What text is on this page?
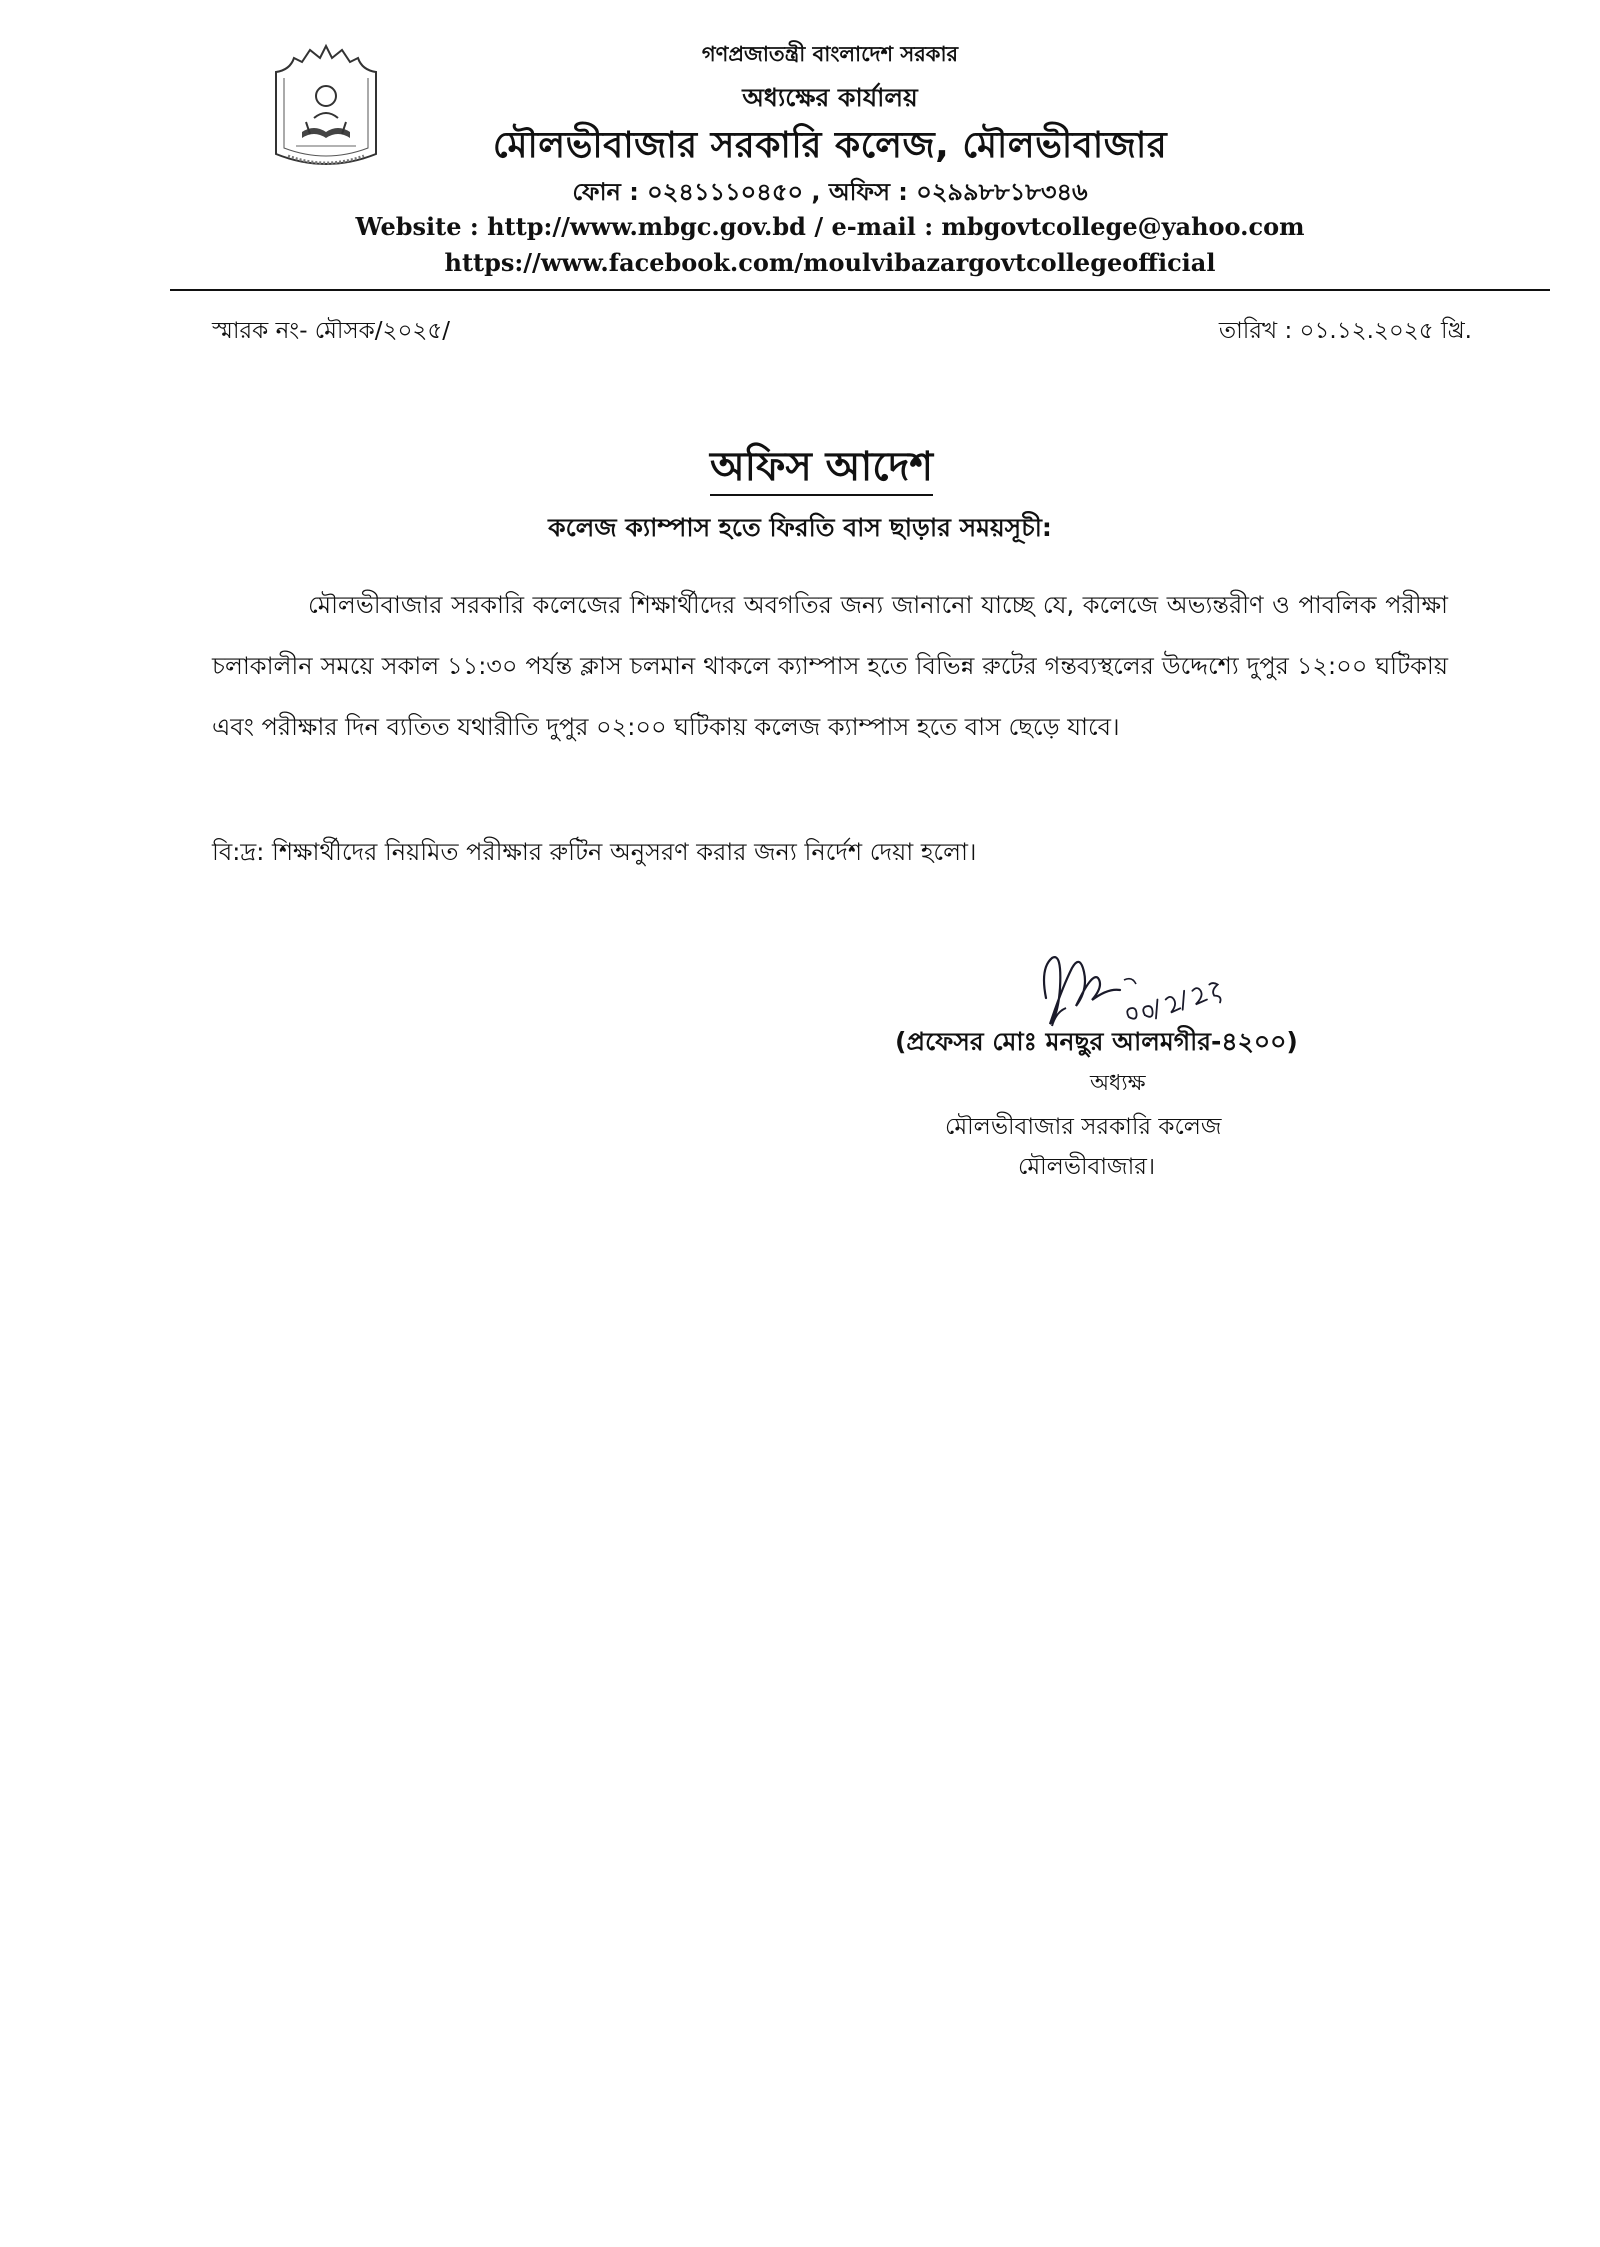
গণপ্রজাতন্ত্রী বাংলাদেশ সরকার
অধ্যক্ষের কার্যালয়
মৌলভীবাজার সরকারি কলেজ, মৌলভীবাজার
ফোন : ০২৪১১১০৪৫০ , অফিস : ০২৯৯৮৮১৮৩৪৬
Website : http://www.mbgc.gov.bd / e-mail : mbgovtcollege@yahoo.com
https://www.facebook.com/moulvibazargovtcollegeofficial
স্মারক নং- মৌসক/২০২৫/	তারিখ : ০১.১২.২০২৫ খ্রি.
অফিস আদেশ
কলেজ ক্যাম্পাস হতে ফিরতি বাস ছাড়ার সময়সূচী:
মৌলভীবাজার সরকারি কলেজের শিক্ষার্থীদের অবগতির জন্য জানানো যাচ্ছে যে, কলেজে অভ্যন্তরীণ ও পাবলিক পরীক্ষা চলাকালীন সময়ে সকাল ১১:৩০ পর্যন্ত ক্লাস চলমান থাকলে ক্যাম্পাস হতে বিভিন্ন রুটের গন্তব্যস্থলের উদ্দেশ্যে দুপুর ১২:০০ ঘটিকায় এবং পরীক্ষার দিন ব্যতিত যথারীতি দুপুর ০২:০০ ঘটিকায় কলেজ ক্যাম্পাস হতে বাস ছেড়ে যাবে।
বি:দ্র: শিক্ষার্থীদের নিয়মিত পরীক্ষার রুটিন অনুসরণ করার জন্য নির্দেশ দেয়া হলো।
(প্রফেসর মোঃ মনছুর আলমগীর-৪২০০)
অধ্যক্ষ
মৌলভীবাজার সরকারি কলেজ
মৌলভীবাজার।
